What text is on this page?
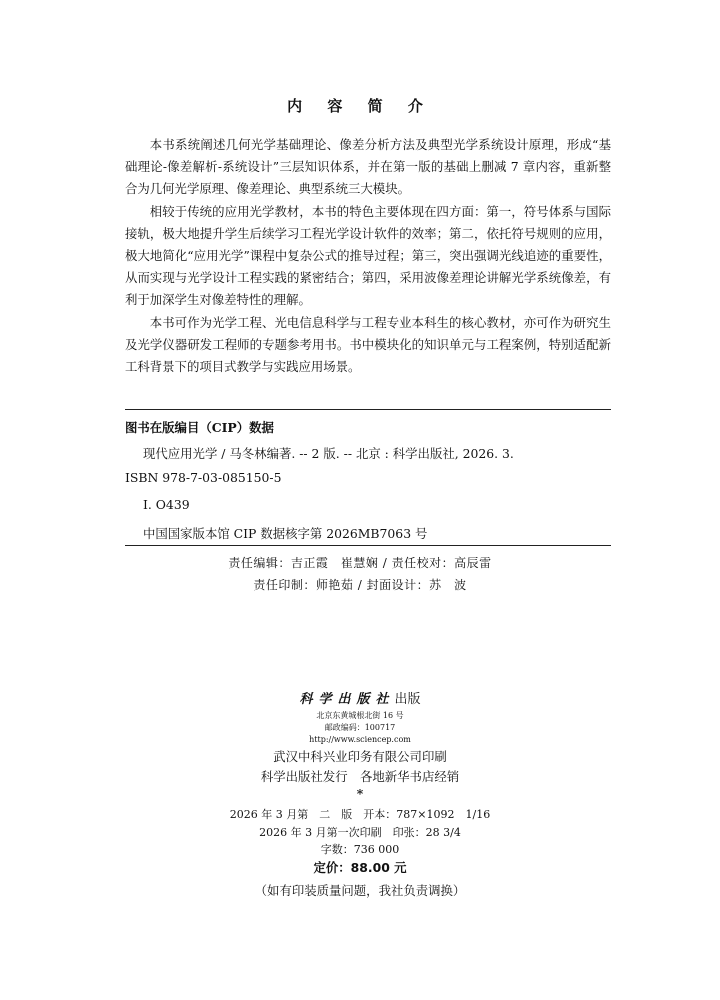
内 容 简 介

本书系统阐述几何光学基础理论、像差分析方法及典型光学系统设计原理，形成“基础理论-像差解析-系统设计”三层知识体系，并在第一版的基础上删减 7 章内容，重新整合为几何光学原理、像差理论、典型系统三大模块。

相较于传统的应用光学教材，本书的特色主要体现在四方面：第一，符号体系与国际接轨，极大地提升学生后续学习工程光学设计软件的效率；第二，依托符号规则的应用，极大地简化“应用光学”课程中复杂公式的推导过程；第三，突出强调光线追迹的重要性，从而实现与光学设计工程实践的紧密结合；第四，采用波像差理论讲解光学系统像差，有利于加深学生对像差特性的理解。

本书可作为光学工程、光电信息科学与工程专业本科生的核心教材，亦可作为研究生及光学仪器研发工程师的专题参考用书。书中模块化的知识单元与工程案例，特别适配新工科背景下的项目式教学与实践应用场景。

图书在版编目（CIP）数据
现代应用光学 / 马冬林编著. -- 2 版. -- 北京 : 科学出版社, 2026. 3.
ISBN 978-7-03-085150-5
Ⅰ. O439
中国国家版本馆 CIP 数据核字第 2026MB7063 号
责任编辑：吉正霞　崔慧娴 / 责任校对：高辰雷
责任印制：师艳茹 / 封面设计：苏　波
科学出版社出版
北京东黄城根北街 16 号
邮政编码：100717
http://www.sciencep.com
武汉中科兴业印务有限公司印刷
科学出版社发行　各地新华书店经销
*
2026 年 3 月第　二　版　开本：787×1092　1/16
2026 年 3 月第一次印刷　印张：28 3/4
字数：736 000
定价：88.00 元
（如有印装质量问题，我社负责调换）
